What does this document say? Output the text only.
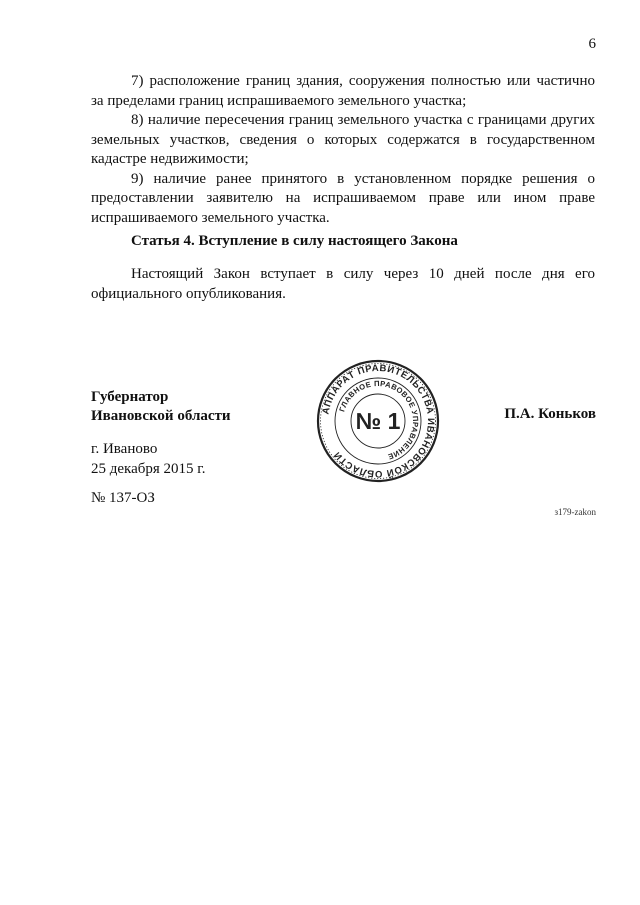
6

7) расположение границ здания, сооружения полностью или частично за пределами границ испрашиваемого земельного участка;

8) наличие пересечения границ земельного участка с границами других земельных участков, сведения о которых содержатся в государственном кадастре недвижимости;

9) наличие ранее принятого в установленном порядке решения о предоставлении заявителю на испрашиваемом праве или ином праве испрашиваемого земельного участка.

Статья 4. Вступление в силу настоящего Закона

Настоящий Закон вступает в силу через 10 дней после дня его официального опубликования.

Губернатор
Ивановской области	АППАРАТ ПРАВИТЕЛЬСТВА ИВАНОВСКОЙ ОБЛАСТИ
ГЛАВНОЕ ПРАВОВОЕ УПРАВЛЕНИЕ
№ 1	П.А. Коньков
г. Иваново
25 декабря 2015 г.
№ 137-ОЗ
з179-zakon
